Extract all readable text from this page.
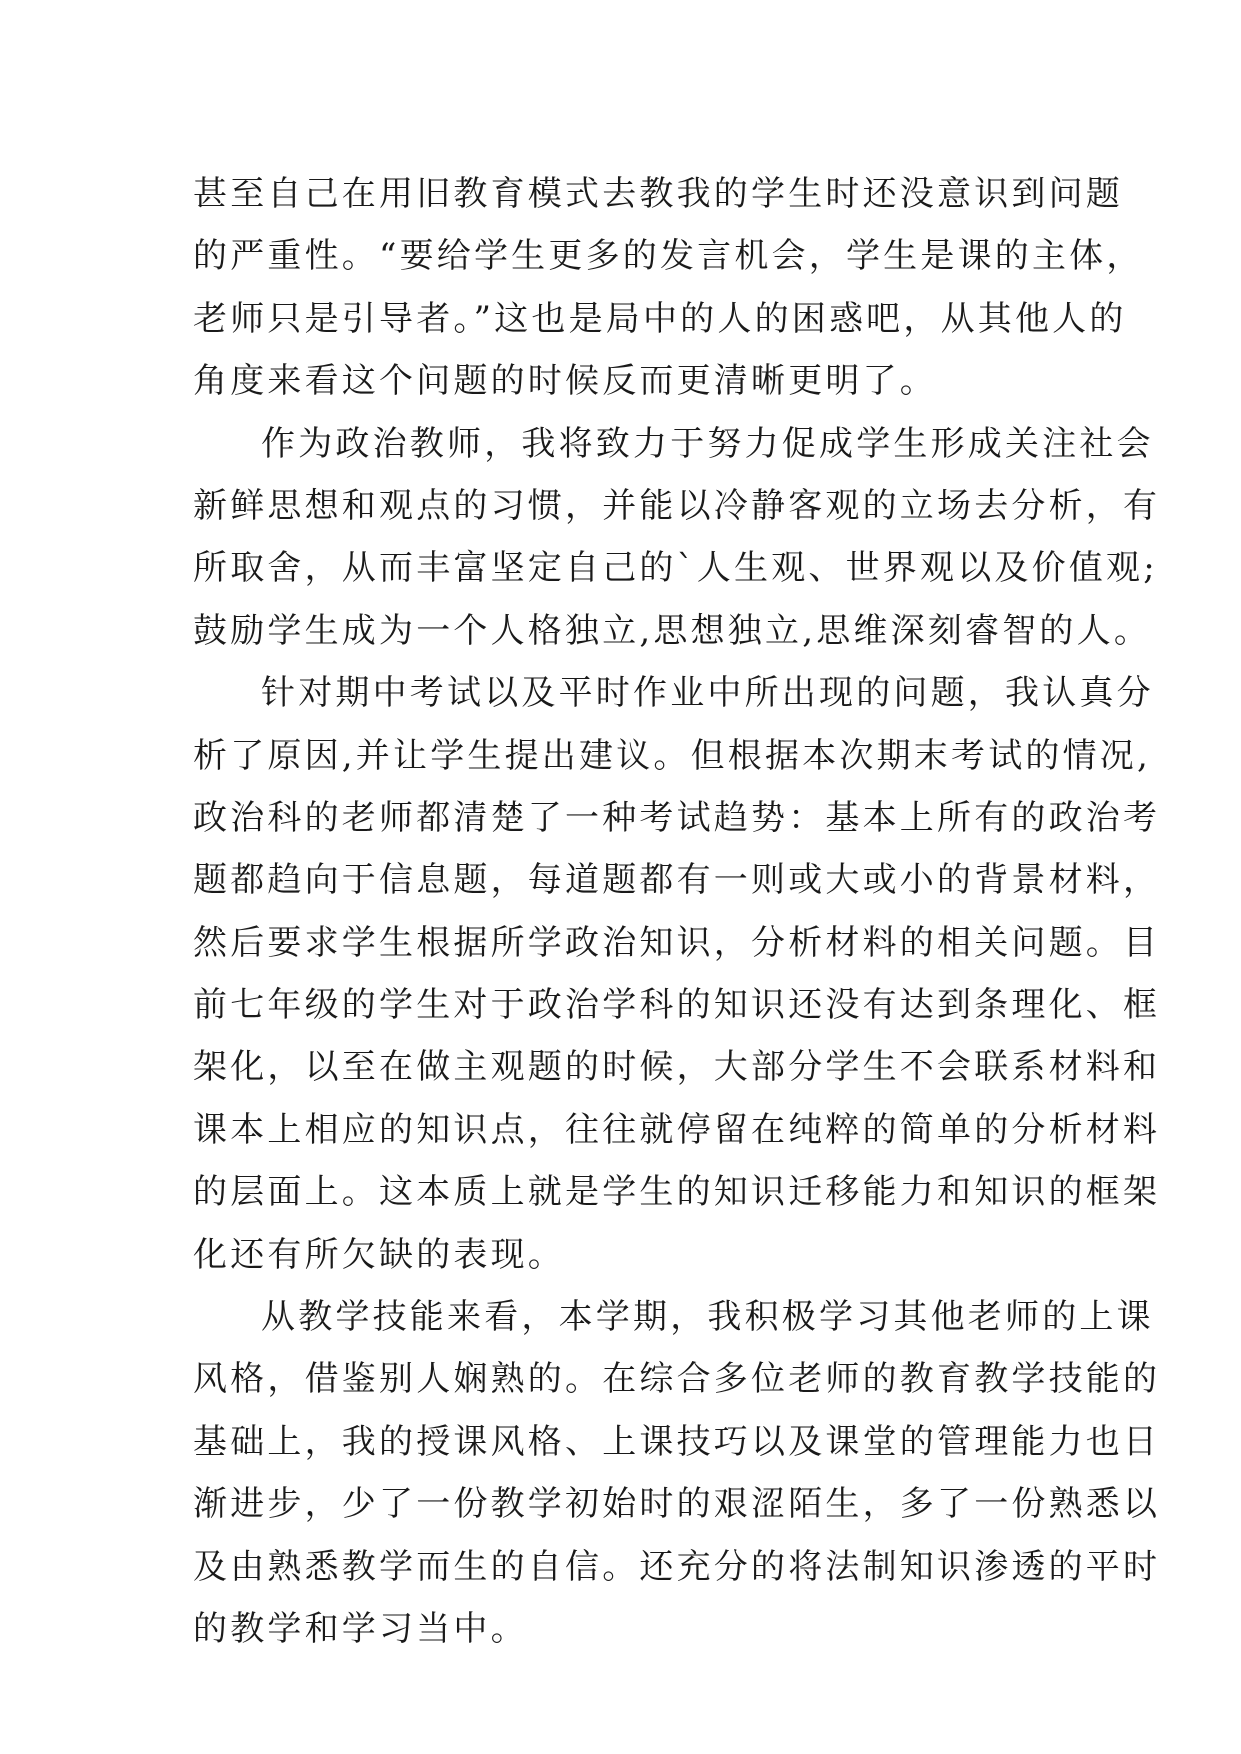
甚至自己在用旧教育模式去教我的学生时还没意识到问题
的严重性。“要给学生更多的发言机会，学生是课的主体，
老师只是引导者。”这也是局中的人的困惑吧，从其他人的
角度来看这个问题的时候反而更清晰更明了。
作为政治教师，我将致力于努力促成学生形成关注社会
新鲜思想和观点的习惯，并能以冷静客观的立场去分析，有
所取舍，从而丰富坚定自己的`人生观、世界观以及价值观;
鼓励学生成为一个人格独立,思想独立,思维深刻睿智的人。
针对期中考试以及平时作业中所出现的问题，我认真分
析了原因,并让学生提出建议。但根据本次期末考试的情况,
政治科的老师都清楚了一种考试趋势：基本上所有的政治考
题都趋向于信息题，每道题都有一则或大或小的背景材料，
然后要求学生根据所学政治知识，分析材料的相关问题。目
前七年级的学生对于政治学科的知识还没有达到条理化、框
架化，以至在做主观题的时候，大部分学生不会联系材料和
课本上相应的知识点，往往就停留在纯粹的简单的分析材料
的层面上。这本质上就是学生的知识迁移能力和知识的框架
化还有所欠缺的表现。
从教学技能来看，本学期，我积极学习其他老师的上课
风格，借鉴别人娴熟的。在综合多位老师的教育教学技能的
基础上，我的授课风格、上课技巧以及课堂的管理能力也日
渐进步，少了一份教学初始时的艰涩陌生，多了一份熟悉以
及由熟悉教学而生的自信。还充分的将法制知识渗透的平时
的教学和学习当中。
